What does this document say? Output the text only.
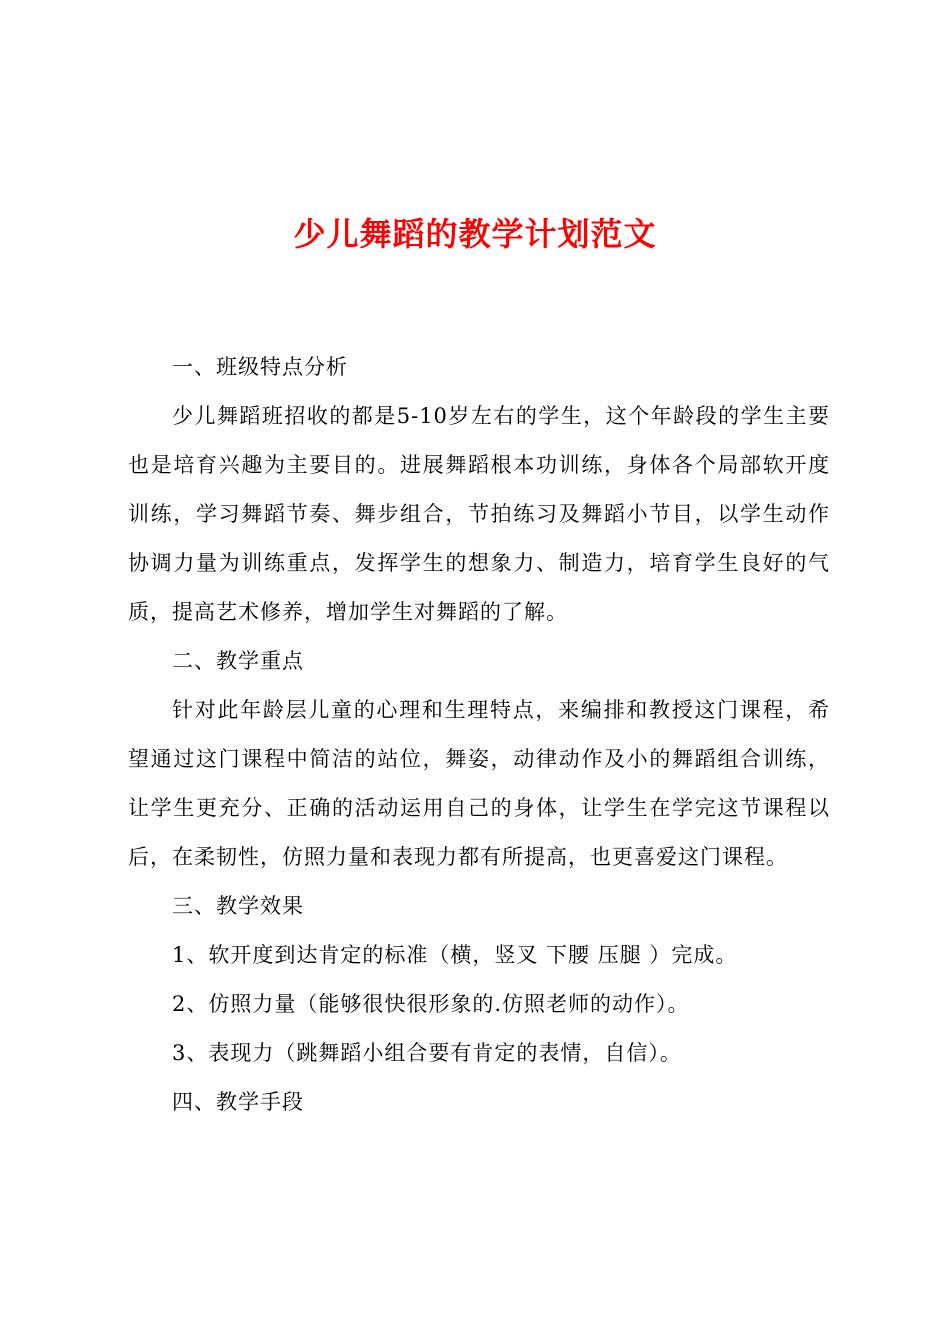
少儿舞蹈的教学计划范文

一、班级特点分析

少儿舞蹈班招收的都是5-10岁左右的学生，这个年龄段的学生主要也是培育兴趣为主要目的。进展舞蹈根本功训练，身体各个局部软开度训练，学习舞蹈节奏、舞步组合，节拍练习及舞蹈小节目，以学生动作协调力量为训练重点，发挥学生的想象力、制造力，培育学生良好的气质，提高艺术修养，增加学生对舞蹈的了解。

二、教学重点

针对此年龄层儿童的心理和生理特点，来编排和教授这门课程，希望通过这门课程中简洁的站位，舞姿，动律动作及小的舞蹈组合训练，让学生更充分、正确的活动运用自己的身体，让学生在学完这节课程以后，在柔韧性，仿照力量和表现力都有所提高，也更喜爱这门课程。

三、教学效果

1、软开度到达肯定的标准（横，竖叉 下腰 压腿 ）完成。

2、仿照力量（能够很快很形象的.仿照老师的动作）。

3、表现力（跳舞蹈小组合要有肯定的表情，自信）。

四、教学手段
